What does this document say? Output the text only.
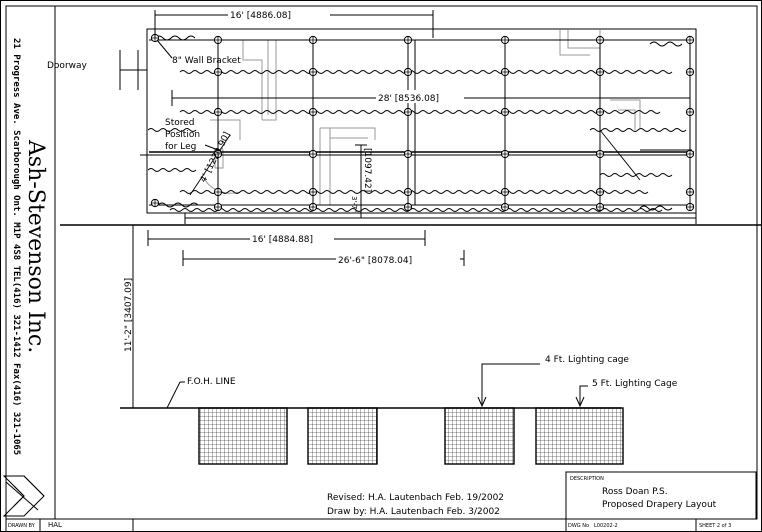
21 Progress Ave. Scarborough Ont. M1P 4S8 TEL(416) 321-1412 Fax(416) 321-1065 Ash-Stevenson Inc.
DRAWN BY HAL
Doorway	8" Wall Bracket
Stored
Position
for Leg
16' [4886.08]
28' [8536.08]
16' [4884.88]
26'-6" [8078.04]
[1097.42]
3'-7"
4' [1220.90]
11'-2" [3407.09]
F.O.H. LINE
4 Ft. Lighting cage
5 Ft. Lighting Cage
Revised: H.A. Lautenbach Feb. 19/2002
Draw by: H.A. Lautenbach Feb. 3/2002
DESCRIPTION
Ross Doan P.S.
Proposed Drapery Layout
DWG No L00202-2	SHEET 2 of 3
